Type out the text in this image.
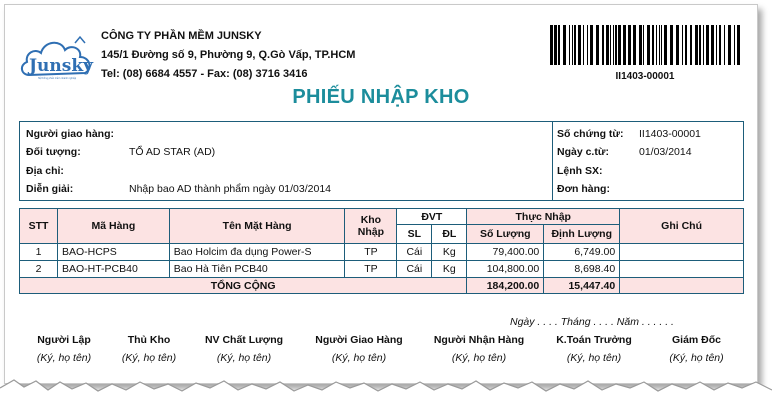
Junsky
Hệ thống phần mềm doanh nghiệp
CÔNG TY PHẦN MỀM JUNSKY
145/1 Đường số 9, Phường 9, Q.Gò Vấp, TP.HCM
Tel: (08) 6684 4557 - Fax: (08) 3716 3416	II1403-00001
PHIẾU NHẬP KHO
Người giao hàng:
Đối tượng:	TỔ AD STAR (AD)
Địa chỉ:
Diễn giải:	Nhập bao AD thành phẩm ngày 01/03/2014
Số chứng từ: II1403-00001
Ngày c.từ:	01/03/2014
Lệnh SX:
Đơn hàng:
STT	Mã Hàng	Tên Mặt Hàng	Kho Nhập	ĐVT		Thực Nhập		Ghi Chú
				SL	ĐL	Số Lượng	Định Lượng	
1	BAO-HCPS	Bao Holcim đa dụng Power-S	TP	Cái	Kg	79,400.00	6,749.00	
2	BAO-HT-PCB40	Bao Hà Tiên PCB40	TP	Cái	Kg	104,800.00	8,698.40	
TỔNG CỘNG						184,200.00	15,447.40	
Ngày . . . . Tháng . . . . Năm . . . . . .
Người Lập
(Ký, họ tên)
Thủ Kho
(Ký, họ tên)
NV Chất Lượng
(Ký, họ tên)
Người Giao Hàng
(Ký, họ tên)
Người Nhận Hàng
(Ký, họ tên)
K.Toán Trưởng
(Ký, họ tên)
Giám Đốc
(Ký, họ tên)
